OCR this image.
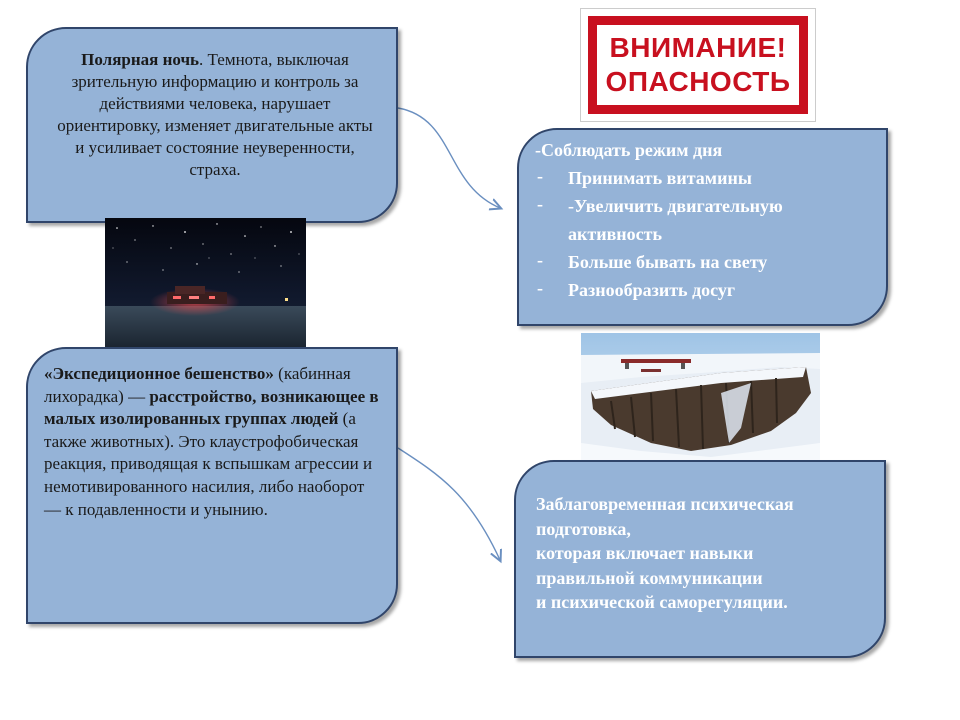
Полярная ночь. Темнота, выключая зрительную информацию и контроль за действиями человека, нарушает ориентировку, изменяет двигательные акты и усиливает состояние неуверенности, страха.
«Экспедиционное бешенство» (кабинная лихорадка) — расстройство, возникающее в малых изолированных группах людей (а также животных). Это клаустрофобическая реакция, приводящая к вспышкам агрессии и немотивированного насилия, либо наоборот — к подавленности и унынию.
ВНИМАНИЕ!
ОПАСНОСТЬ
-Соблюдать режим дня
- Принимать витамины
- -Увеличить двигательную активность
- Больше бывать на свету
- Разнообразить досуг
Заблаговременная психическая подготовка,
которая включает навыки
правильной коммуникации
и психической саморегуляции.
